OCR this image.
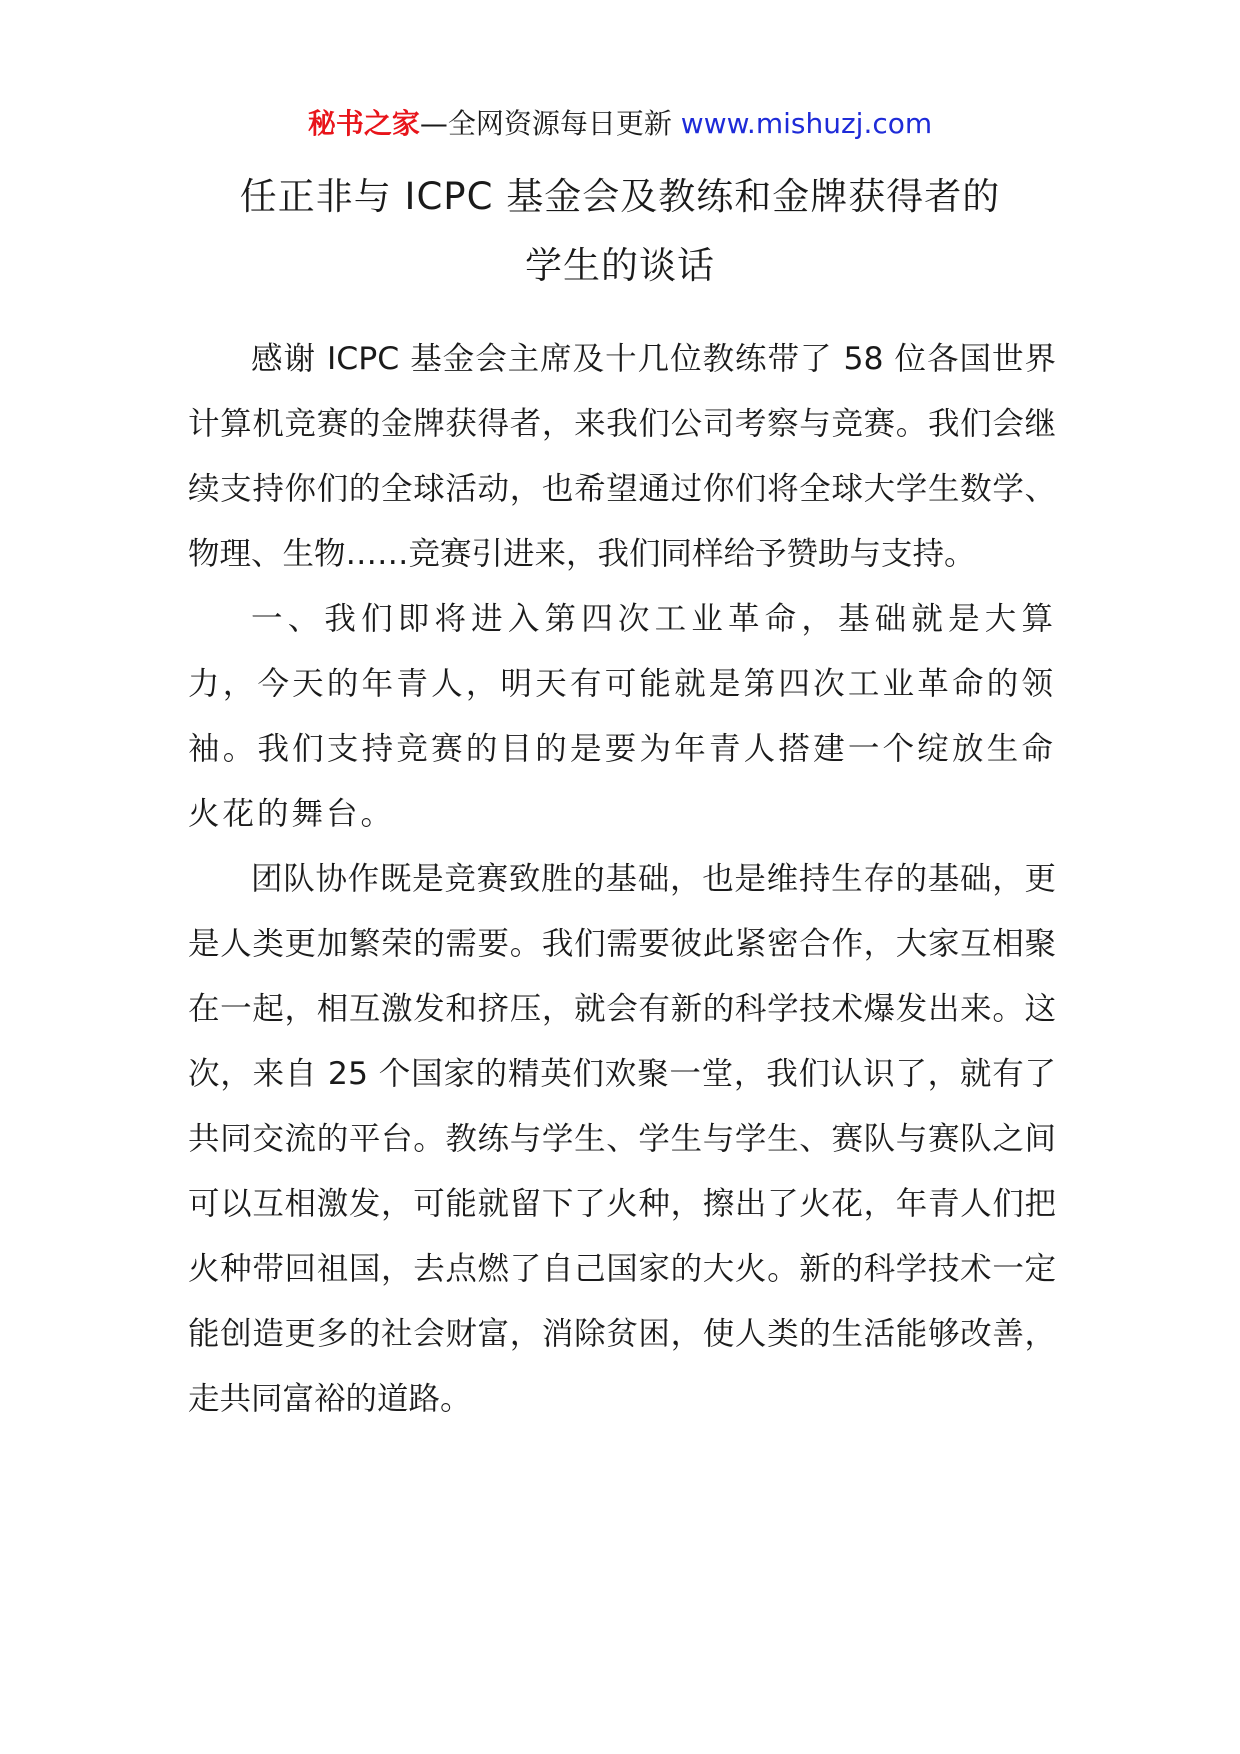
秘书之家—全网资源每日更新 www.mishuzj.com
任正非与 ICPC 基金会及教练和金牌获得者的
学生的谈话

感谢 ICPC 基金会主席及十几位教练带了 58 位各国世界计算机竞赛的金牌获得者，来我们公司考察与竞赛。我们会继续支持你们的全球活动，也希望通过你们将全球大学生数学、物理、生物……竞赛引进来，我们同样给予赞助与支持。

一、我们即将进入第四次工业革命，基础就是大算力，今天的年青人，明天有可能就是第四次工业革命的领袖。我们支持竞赛的目的是要为年青人搭建一个绽放生命火花的舞台。

团队协作既是竞赛致胜的基础，也是维持生存的基础，更是人类更加繁荣的需要。我们需要彼此紧密合作，大家互相聚在一起，相互激发和挤压，就会有新的科学技术爆发出来。这次，来自 25 个国家的精英们欢聚一堂，我们认识了，就有了共同交流的平台。教练与学生、学生与学生、赛队与赛队之间可以互相激发，可能就留下了火种，擦出了火花，年青人们把火种带回祖国，去点燃了自己国家的大火。新的科学技术一定能创造更多的社会财富，消除贫困，使人类的生活能够改善，走共同富裕的道路。
